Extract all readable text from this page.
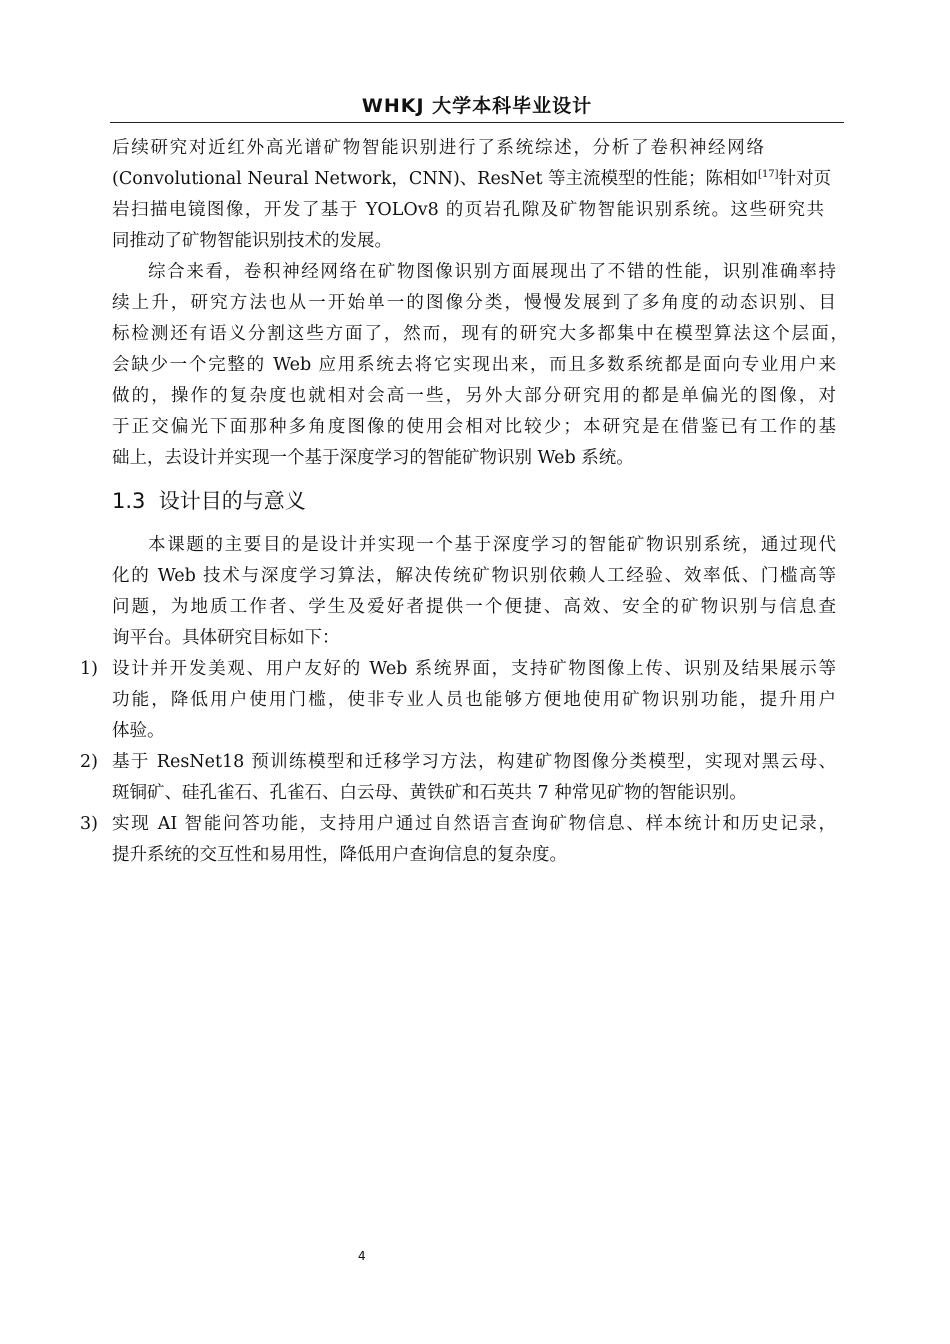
WHKJ 大学本科毕业设计
后续研究对近红外高光谱矿物智能识别进行了系统综述，分析了卷积神经网络
(Convolutional Neural Network，CNN)、ResNet 等主流模型的性能；陈相如[17]针对页
岩扫描电镜图像，开发了基于 YOLOv8 的页岩孔隙及矿物智能识别系统。这些研究共
同推动了矿物智能识别技术的发展。
综合来看，卷积神经网络在矿物图像识别方面展现出了不错的性能，识别准确率持
续上升，研究方法也从一开始单一的图像分类，慢慢发展到了多角度的动态识别、目
标检测还有语义分割这些方面了，然而，现有的研究大多都集中在模型算法这个层面，
会缺少一个完整的 Web 应用系统去将它实现出来，而且多数系统都是面向专业用户来
做的，操作的复杂度也就相对会高一些，另外大部分研究用的都是单偏光的图像，对
于正交偏光下面那种多角度图像的使用会相对比较少；本研究是在借鉴已有工作的基
础上，去设计并实现一个基于深度学习的智能矿物识别 Web 系统。
1.3 设计目的与意义
本课题的主要目的是设计并实现一个基于深度学习的智能矿物识别系统，通过现代
化的 Web 技术与深度学习算法，解决传统矿物识别依赖人工经验、效率低、门槛高等
问题，为地质工作者、学生及爱好者提供一个便捷、高效、安全的矿物识别与信息查
询平台。具体研究目标如下：
1) 设计并开发美观、用户友好的 Web 系统界面，支持矿物图像上传、识别及结果展示等
功能，降低用户使用门槛，使非专业人员也能够方便地使用矿物识别功能，提升用户
体验。
2) 基于 ResNet18 预训练模型和迁移学习方法，构建矿物图像分类模型，实现对黑云母、
斑铜矿、硅孔雀石、孔雀石、白云母、黄铁矿和石英共 7 种常见矿物的智能识别。
3) 实现 AI 智能问答功能，支持用户通过自然语言查询矿物信息、样本统计和历史记录，
提升系统的交互性和易用性，降低用户查询信息的复杂度。
4
